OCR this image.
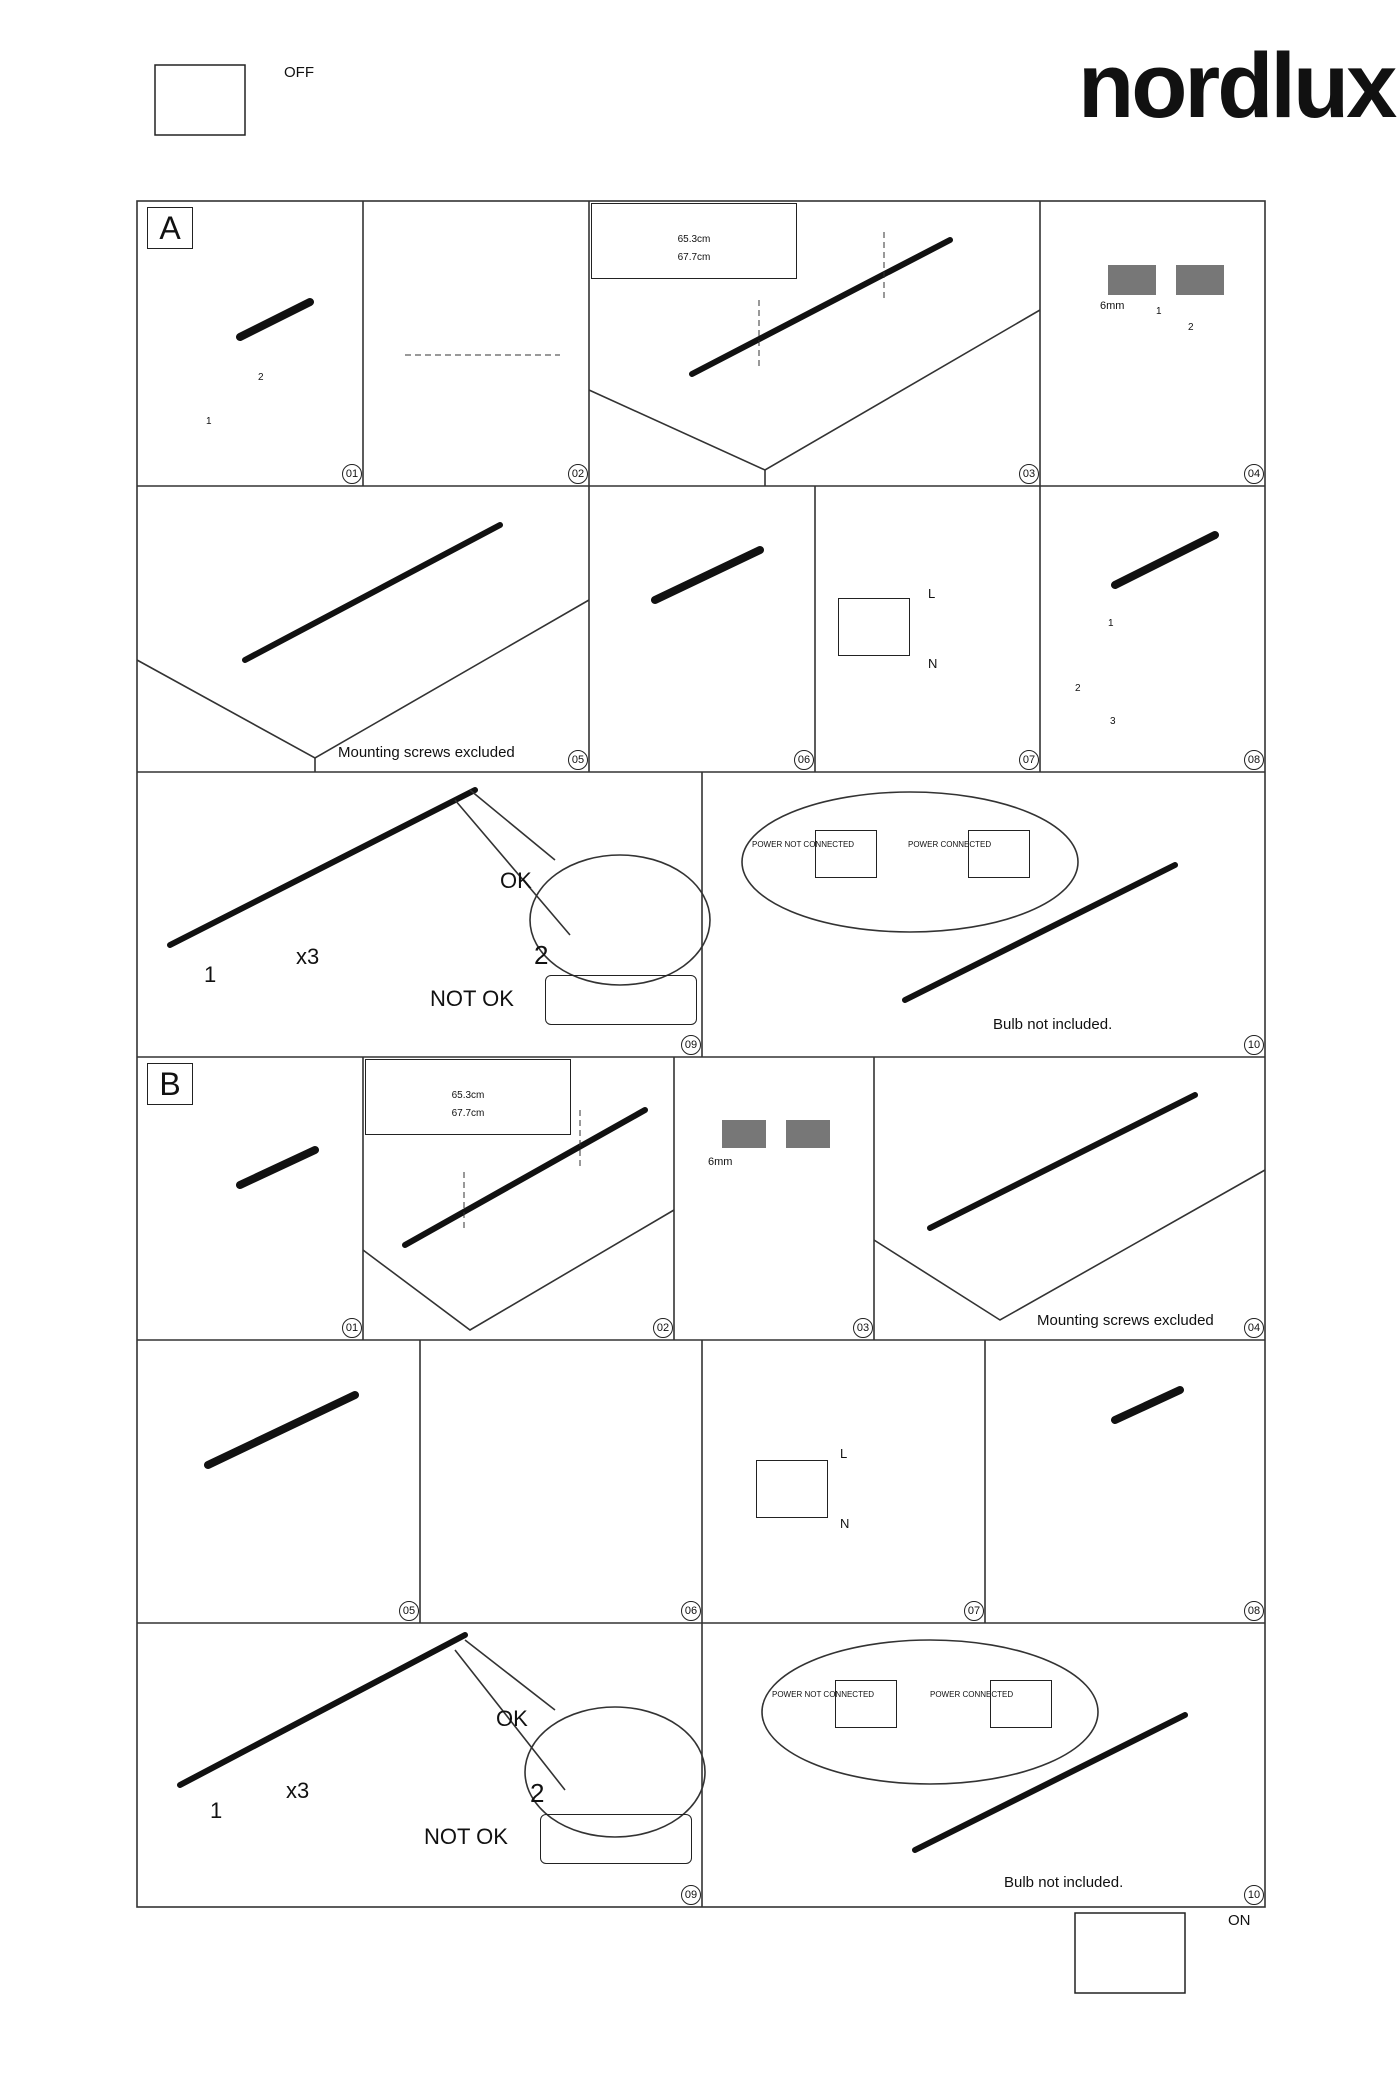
nordlux
OFF
ON
A
B
65.3cm
67.7cm
65.3cm
67.7cm
6mm
6mm
Mounting screws excluded
Mounting screws excluded
L
N
L
N
OK
2
NOT OK
1
x3
POWER NOT CONNECTED	POWER CONNECTED
Bulb not included.
OK
2
NOT OK
1
x3
POWER NOT CONNECTED	POWER CONNECTED
Bulb not included.
01	02	03	04
05	06	07	08
09	10
01	02	03	04
05	06	07	08
09	10
1
2
1
2
1
2
3
